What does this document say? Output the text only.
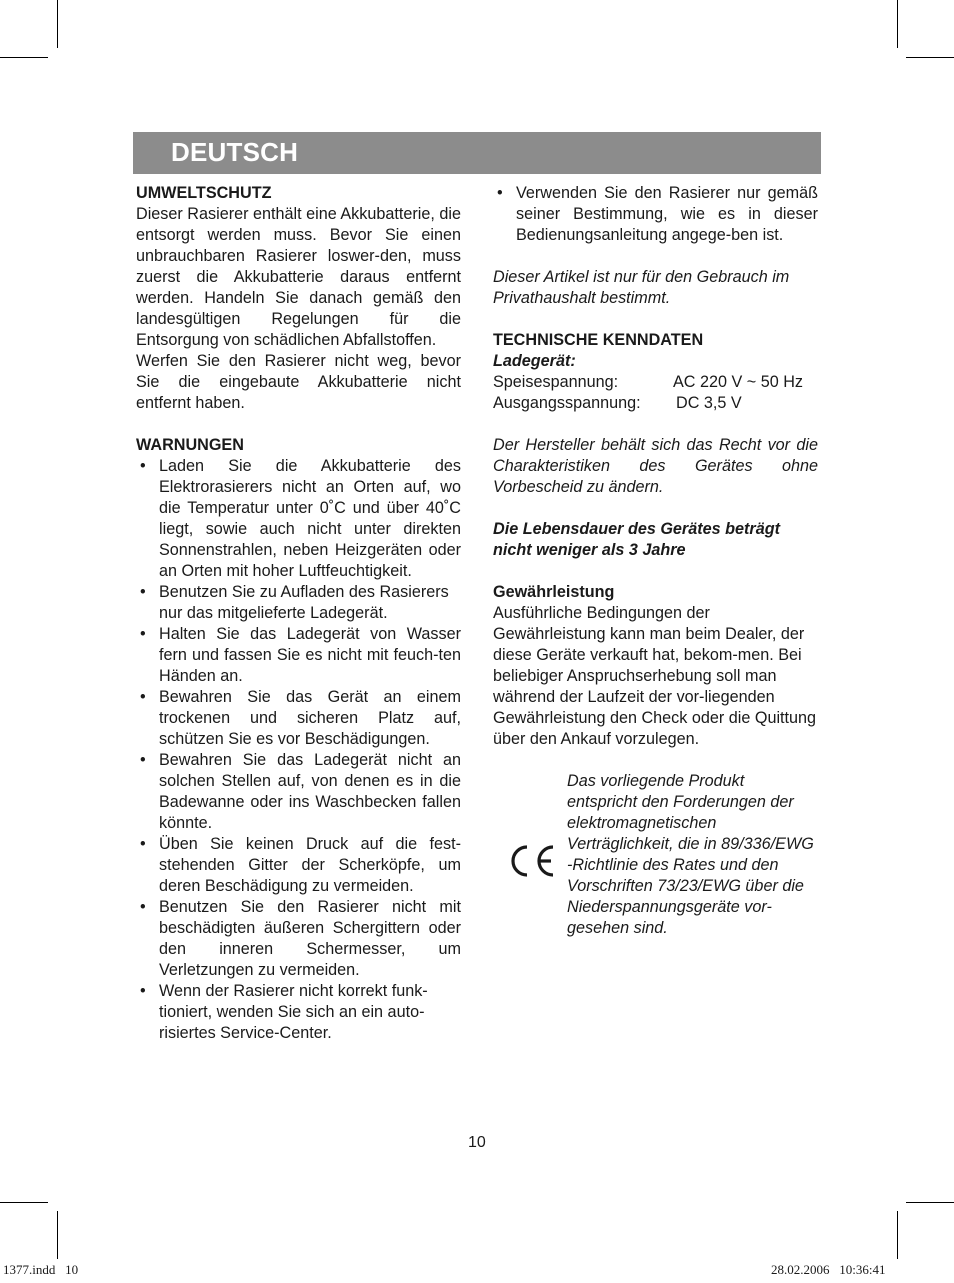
DEUTSCH

UMWELTSCHUTZ

Dieser Rasierer enthält eine Akkubatterie, die entsorgt werden muss. Bevor Sie einen unbrauchbaren Rasierer loswer-den, muss zuerst die Akkubatterie daraus entfernt werden. Handeln Sie danach gemäß den landesgültigen Regelungen für die Entsorgung von schädlichen Abfallstoffen.

Werfen Sie den Rasierer nicht weg, bevor Sie die eingebaute Akkubatterie nicht entfernt haben.

WARNUNGEN

• Laden Sie die Akkubatterie des Elektrorasierers nicht an Orten auf, wo die Temperatur unter 0˚С und über 40˚С liegt, sowie auch nicht unter direkten Sonnenstrahlen, neben Heizgeräten oder an Orten mit hoher Luftfeuchtigkeit.
• Benutzen Sie zu Aufladen des Rasierers nur das mitgelieferte Ladegerät.
• Halten Sie das Ladegerät von Wasser fern und fassen Sie es nicht mit feuch-ten Händen an.
• Bewahren Sie das Gerät an einem trockenen und sicheren Platz auf, schützen Sie es vor Beschädigungen.
• Bewahren Sie das Ladegerät nicht an solchen Stellen auf, von denen es in die Badewanne oder ins Waschbecken fallen könnte.
• Üben Sie keinen Druck auf die fest-stehenden Gitter der Scherköpfe, um deren Beschädigung zu vermeiden.
• Benutzen Sie den Rasierer nicht mit beschädigten äußeren Schergittern oder den inneren Schermesser, um Verletzungen zu vermeiden.
• Wenn der Rasierer nicht korrekt funk-tioniert, wenden Sie sich an ein auto-risiertes Service-Center.
• Verwenden Sie den Rasierer nur gemäß seiner Bestimmung, wie es in dieser Bedienungsanleitung angege-ben ist.

Dieser Artikel ist nur für den Gebrauch im Privathaushalt bestimmt.

TECHNISCHE KENNDATEN

Ladegerät:

Speisespannung:	AC 220 V ~ 50 Hz
Ausgangsspannung:	DC 3,5 V

Der Hersteller behält sich das Recht vor die Charakteristiken des Gerätes ohne Vorbescheid zu ändern.

Die Lebensdauer des Gerätes beträgt nicht weniger als 3 Jahre

Gewährleistung

Ausführliche Bedingungen der Gewährleistung kann man beim Dealer, der diese Geräte verkauft hat, bekom-men. Bei beliebiger Anspruchserhebung soll man während der Laufzeit der vor-liegenden Gewährleistung den Check oder die Quittung über den Ankauf vorzulegen.

Das vorliegende Produkt entspricht den Forderungen der elektromagnetischen Verträglichkeit, die in 89/336/EWG -Richtlinie des Rates und den Vorschriften 73/23/EWG über die Niederspannungsgeräte vor-gesehen sind.

10
1377.indd   10	28.02.2006   10:36:41
